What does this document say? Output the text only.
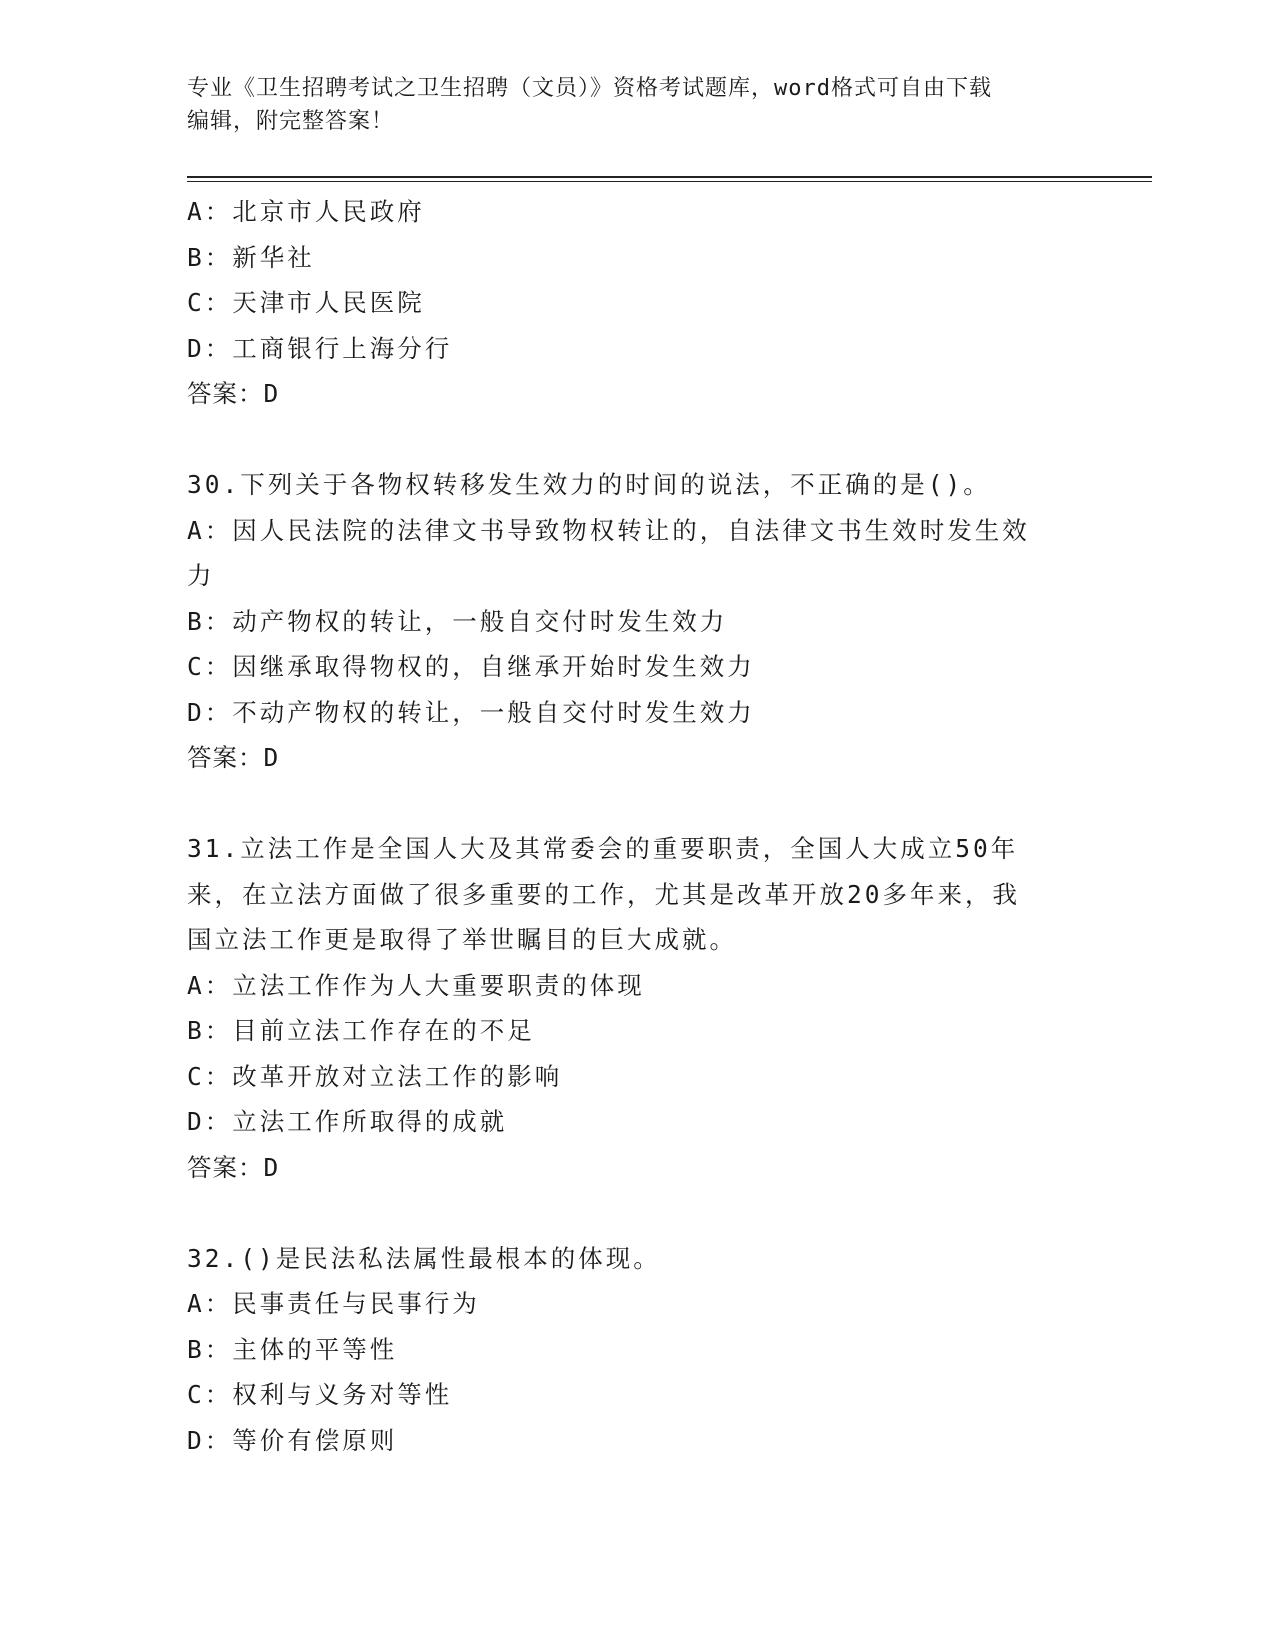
专业《卫生招聘考试之卫生招聘（文员）》资格考试题库，word格式可自由下载
编辑，附完整答案！
A：北京市人民政府
B：新华社
C：天津市人民医院
D：工商银行上海分行
答案：D
30.下列关于各物权转移发生效力的时间的说法，不正确的是()。
A：因人民法院的法律文书导致物权转让的，自法律文书生效时发生效
力
B：动产物权的转让，一般自交付时发生效力
C：因继承取得物权的，自继承开始时发生效力
D：不动产物权的转让，一般自交付时发生效力
答案：D
31.立法工作是全国人大及其常委会的重要职责，全国人大成立50年
来，在立法方面做了很多重要的工作，尤其是改革开放20多年来，我
国立法工作更是取得了举世瞩目的巨大成就。
A：立法工作作为人大重要职责的体现
B：目前立法工作存在的不足
C：改革开放对立法工作的影响
D：立法工作所取得的成就
答案：D
32.()是民法私法属性最根本的体现。
A：民事责任与民事行为
B：主体的平等性
C：权利与义务对等性
D：等价有偿原则
